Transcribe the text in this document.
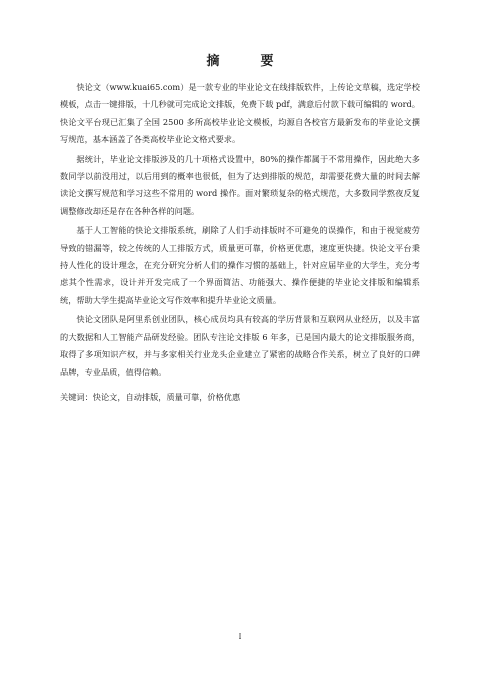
摘　要

快论文（www.kuai65.com）是一款专业的毕业论文在线排版软件，上传论文草稿，选定学校模板，点击一键排版，十几秒就可完成论文排版，免费下载 pdf，满意后付款下载可编辑的 word。快论文平台现已汇集了全国 2500 多所高校毕业论文模板，均源自各校官方最新发布的毕业论文撰写规范，基本涵盖了各类高校毕业论文格式要求。

据统计，毕业论文排版涉及的几十项格式设置中，80%的操作都属于不常用操作，因此绝大多数同学以前没用过，以后用到的概率也很低，但为了达到排版的规范，却需要花费大量的时间去解读论文撰写规范和学习这些不常用的 word 操作。面对繁琐复杂的格式规范，大多数同学熬夜反复调整修改却还是存在各种各样的问题。

基于人工智能的快论文排版系统，刷除了人们手动排版时不可避免的误操作，和由于视觉疲劳导致的错漏等，较之传统的人工排版方式，质量更可靠，价格更优惠，速度更快捷。快论文平台秉持人性化的设计理念，在充分研究分析人们的操作习惯的基础上，针对应届毕业的大学生，充分考虑其个性需求，设计并开发完成了一个界面简洁、功能强大、操作便捷的毕业论文排版和编辑系统，帮助大学生提高毕业论文写作效率和提升毕业论文质量。

快论文团队是阿里系创业团队，核心成员均具有较高的学历背景和互联网从业经历，以及丰富的大数据和人工智能产品研发经验。团队专注论文排版 6 年多，已是国内最大的论文排版服务商，取得了多项知识产权，并与多家相关行业龙头企业建立了紧密的战略合作关系，树立了良好的口碑品牌，专业品质，值得信赖。

关键词：快论文，自动排版，质量可靠，价格优惠

I
